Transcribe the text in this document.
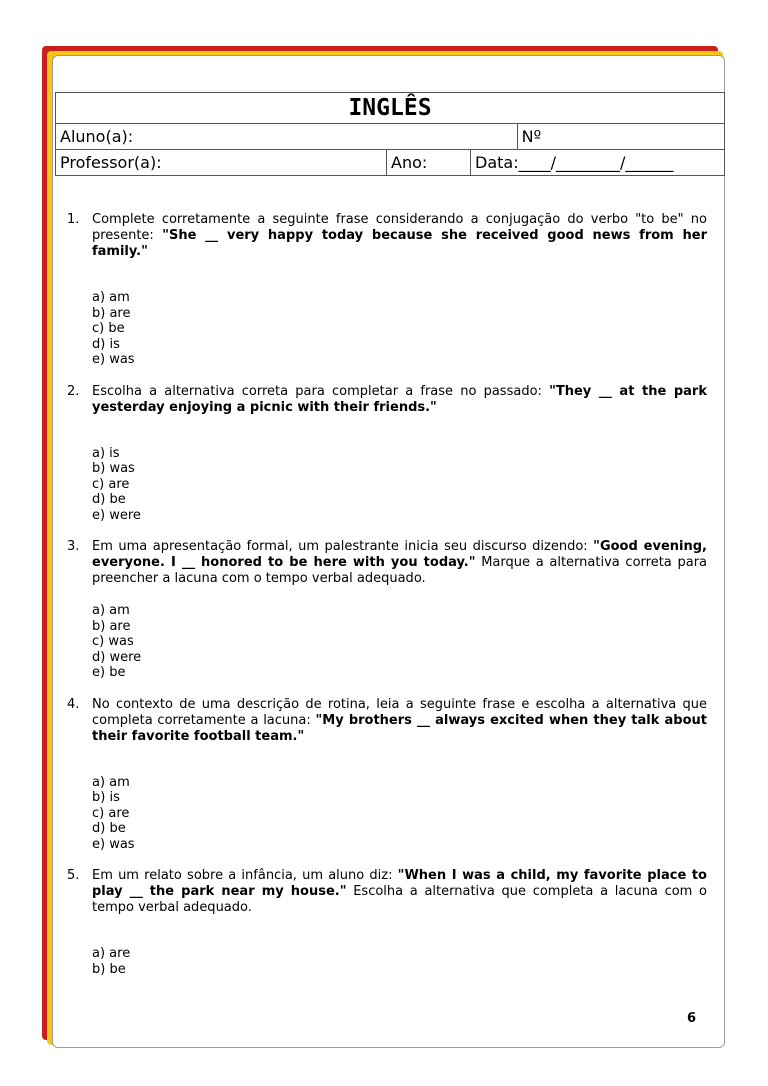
INGLÊS			
Aluno(a):			Nº
Professor(a):	Ano:	Data:____/________/______	
1. Complete corretamente a seguinte frase considerando a conjugação do verbo "to be" no presente: "She __ very happy today because she received good news from her family."
a) am
b) are
c) be
d) is
e) was
2. Escolha a alternativa correta para completar a frase no passado: "They __ at the park yesterday enjoying a picnic with their friends."
a) is
b) was
c) are
d) be
e) were
3. Em uma apresentação formal, um palestrante inicia seu discurso dizendo: "Good evening, everyone. I __ honored to be here with you today." Marque a alternativa correta para preencher a lacuna com o tempo verbal adequado.
a) am
b) are
c) was
d) were
e) be
4. No contexto de uma descrição de rotina, leia a seguinte frase e escolha a alternativa que completa corretamente a lacuna: "My brothers __ always excited when they talk about their favorite football team."
a) am
b) is
c) are
d) be
e) was
5. Em um relato sobre a infância, um aluno diz: "When I was a child, my favorite place to play __ the park near my house." Escolha a alternativa que completa a lacuna com o tempo verbal adequado.
a) are
b) be
6
